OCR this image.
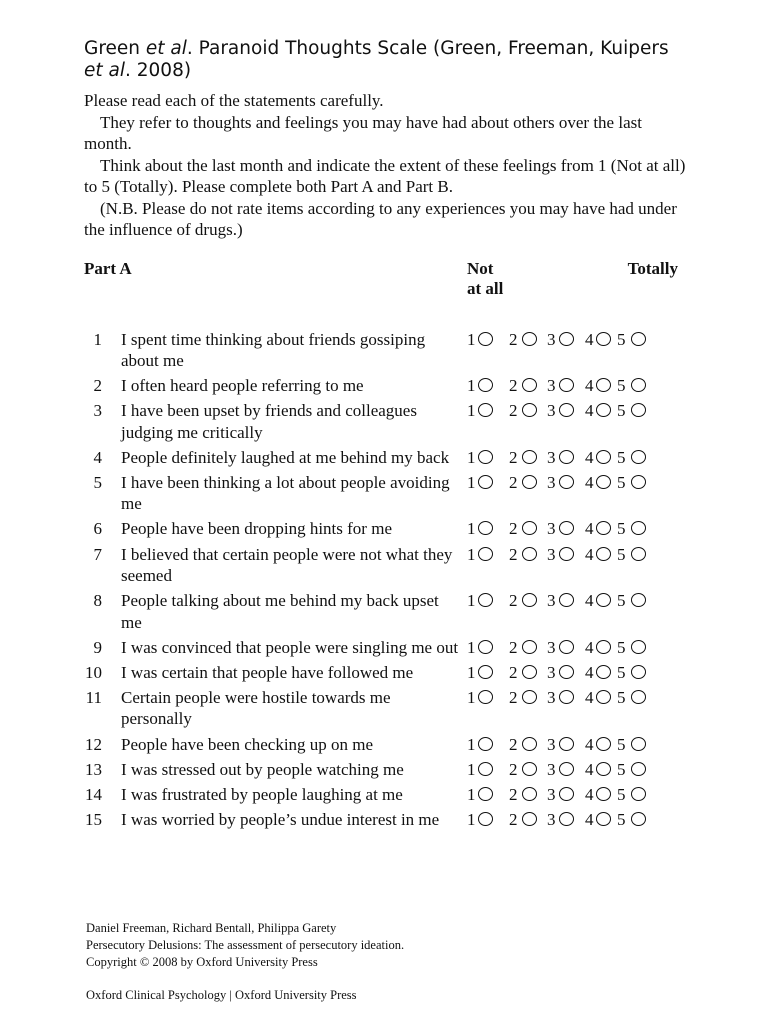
Green et al. Paranoid Thoughts Scale (Green, Freeman, Kuipers et al. 2008)

Please read each of the statements carefully.

They refer to thoughts and feelings you may have had about others over the last month.

Think about the last month and indicate the extent of these feelings from 1 (Not at all) to 5 (Totally). Please complete both Part A and Part B.

(N.B. Please do not rate items according to any experiences you may have had under the influence of drugs.)

Part A	Not at all
Totally
1 I spent time thinking about friends gossiping about me
1 2 3 4 5
2 I often heard people referring to me	1 2 3 4 5
3 I have been upset by friends and colleagues judging me critically
1 2 3 4 5
4 People definitely laughed at me behind my back	1 2 3 4 5
5 I have been thinking a lot about people avoiding me
1 2 3 4 5
6 People have been dropping hints for me	1 2 3 4 5
7 I believed that certain people were not what they seemed
1 2 3 4 5
8 People talking about me behind my back upset me
1 2 3 4 5
9 I was convinced that people were singling me out 1 2 3 4 5
10 I was certain that people have followed me	1 2 3 4 5
11 Certain people were hostile towards me personally
1 2 3 4 5
12 People have been checking up on me	1 2 3 4 5
13 I was stressed out by people watching me	1 2 3 4 5
14 I was frustrated by people laughing at me	1 2 3 4 5
15 I was worried by people’s undue interest in me	1 2 3 4 5

Daniel Freeman, Richard Bentall, Philippa Garety

Persecutory Delusions: The assessment of persecutory ideation.

Copyright © 2008 by Oxford University Press

Oxford Clinical Psychology | Oxford University Press
